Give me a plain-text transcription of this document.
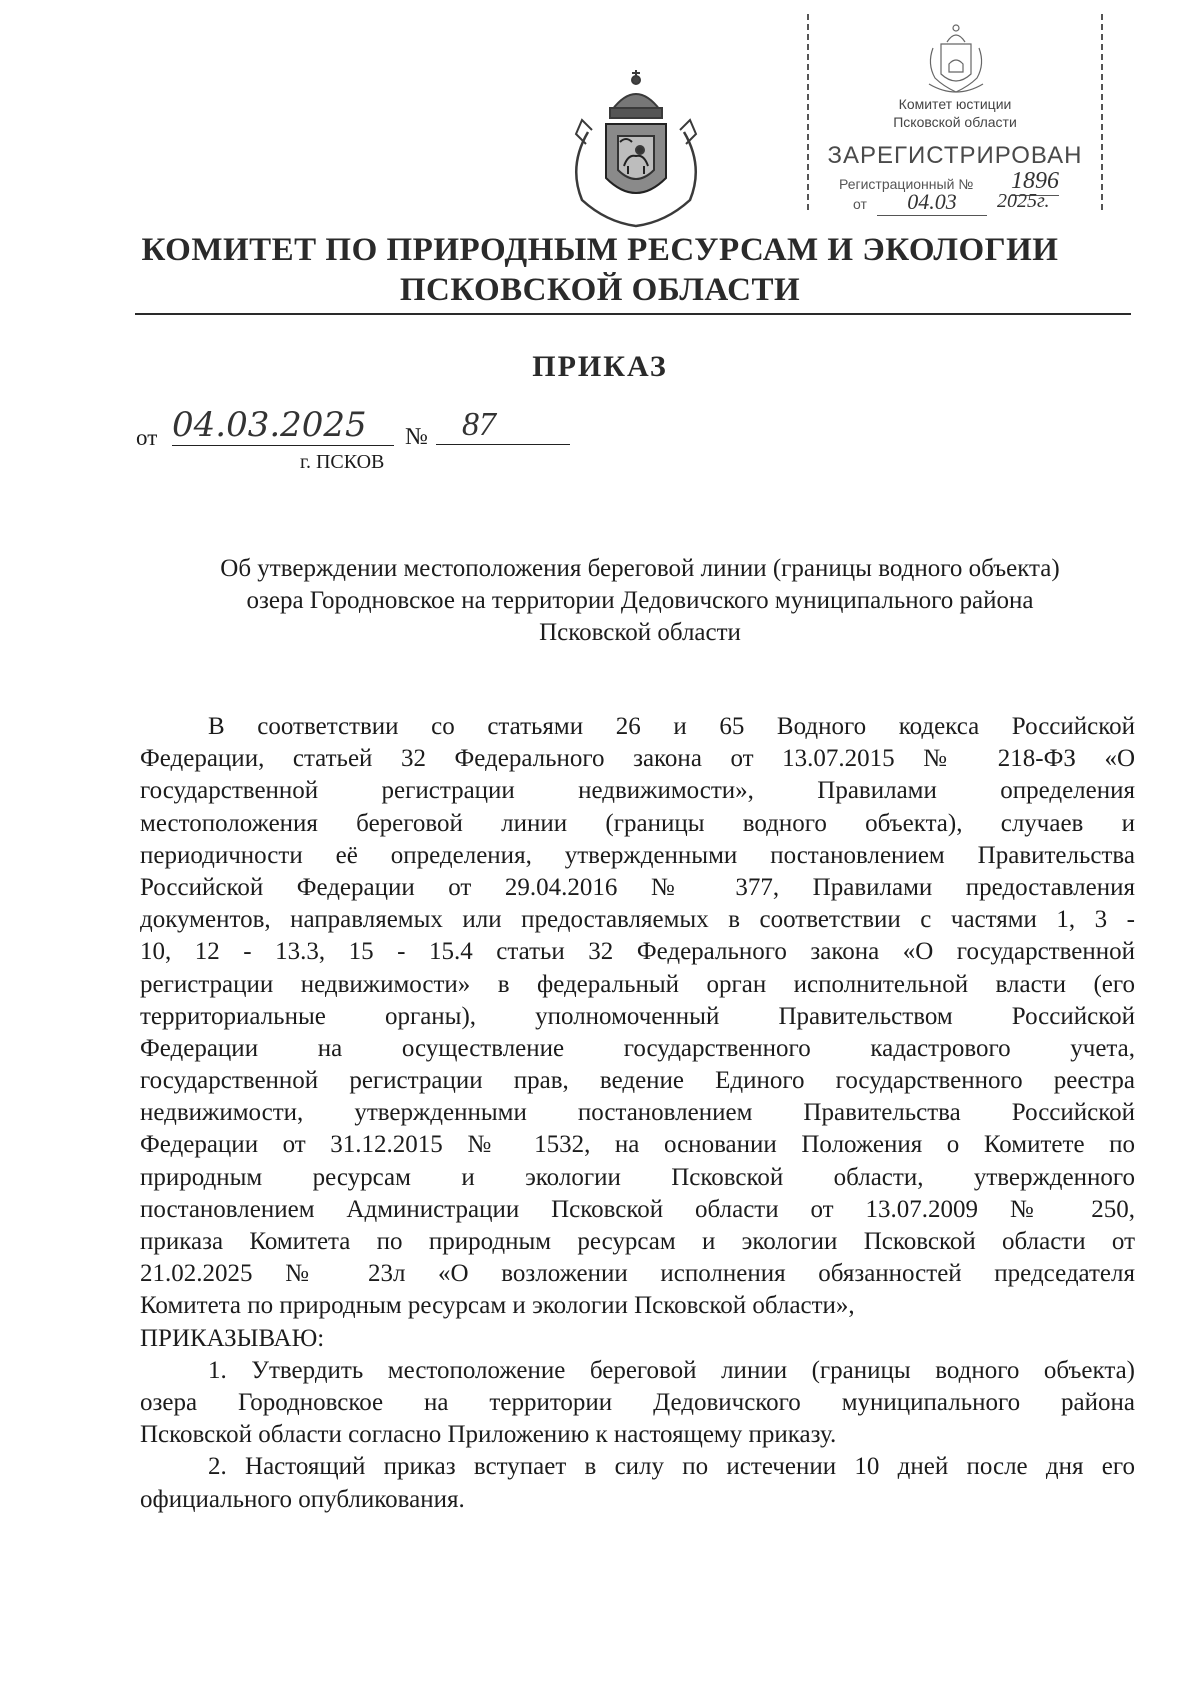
Комитет юстиции
Псковской области
ЗАРЕГИСТРИРОВАН
Регистрационный № 1896
от	04.03	2025г.
КОМИТЕТ ПО ПРИРОДНЫМ РЕСУРСАМ И ЭКОЛОГИИ
ПСКОВСКОЙ ОБЛАСТИ
ПРИКАЗ
от 04.03.2025	№	87
г. ПСКОВ
Об утверждении местоположения береговой линии (границы водного объекта)
озера Городновское на территории Дедовичского муниципального района
Псковской области
В соответствии со статьями 26 и 65 Водного кодекса Российской
Федерации, статьей 32 Федерального закона от 13.07.2015 № 218-ФЗ «О
государственной регистрации недвижимости», Правилами определения
местоположения береговой линии (границы водного объекта), случаев и
периодичности её определения, утвержденными постановлением Правительства
Российской Федерации от 29.04.2016 № 377, Правилами предоставления
документов, направляемых или предоставляемых в соответствии с частями 1, 3 -
10, 12 - 13.3, 15 - 15.4 статьи 32 Федерального закона «О государственной
регистрации недвижимости» в федеральный орган исполнительной власти (его
территориальные органы), уполномоченный Правительством Российской
Федерации на осуществление государственного кадастрового учета,
государственной регистрации прав, ведение Единого государственного реестра
недвижимости, утвержденными постановлением Правительства Российской
Федерации от 31.12.2015 № 1532, на основании Положения о Комитете по
природным ресурсам и экологии Псковской области, утвержденного
постановлением Администрации Псковской области от 13.07.2009 № 250,
приказа Комитета по природным ресурсам и экологии Псковской области от
21.02.2025 № 23л «О возложении исполнения обязанностей председателя
Комитета по природным ресурсам и экологии Псковской области»,
ПРИКАЗЫВАЮ:
1. Утвердить местоположение береговой линии (границы водного объекта)
озера Городновское на территории Дедовичского муниципального района
Псковской области согласно Приложению к настоящему приказу.
2. Настоящий приказ вступает в силу по истечении 10 дней после дня его
официального опубликования.
